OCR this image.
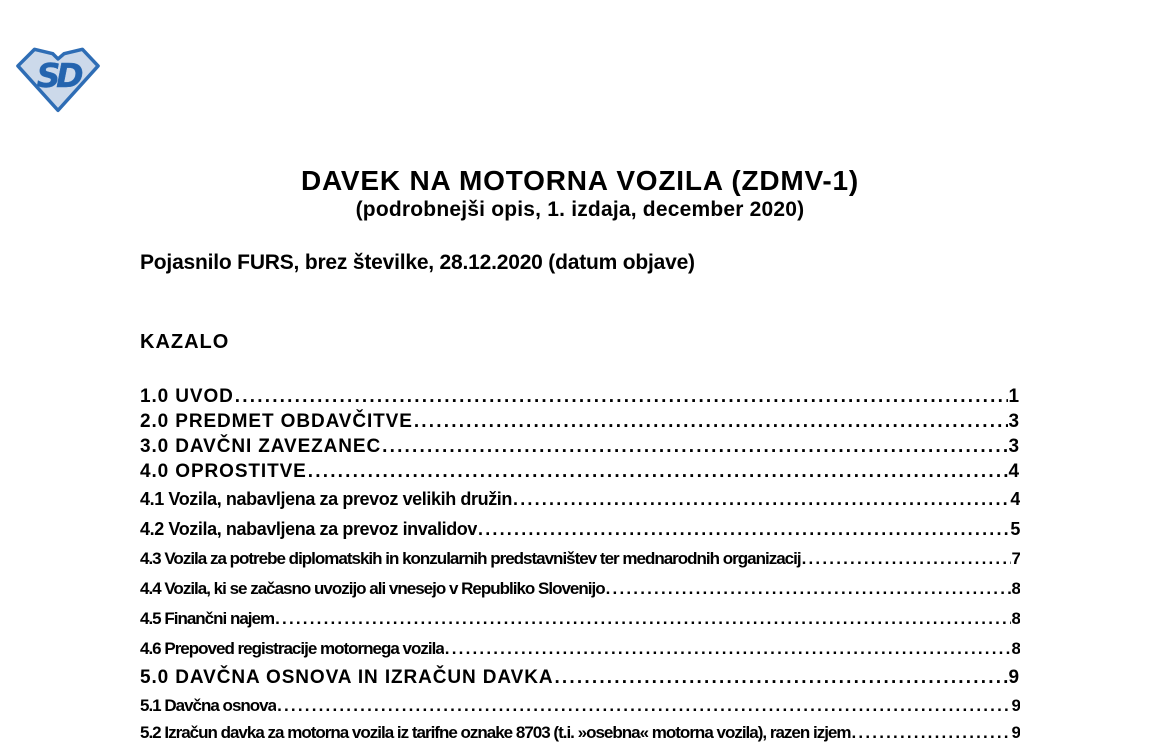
SD
DAVEK NA MOTORNA VOZILA (ZDMV-1)
(podrobnejši opis, 1. izdaja, december 2020)
Pojasnilo FURS, brez številke, 28.12.2020 (datum objave)
KAZALO
1.0 UVOD .....	1
2.0 PREDMET OBDAVČITVE .....	3
3.0 DAVČNI ZAVEZANEC .....	3
4.0 OPROSTITVE .....	4
4.1 Vozila, nabavljena za prevoz velikih družin .....	4
4.2 Vozila, nabavljena za prevoz invalidov .....	5
4.3 Vozila za potrebe diplomatskih in konzularnih predstavništev ter mednarodnih organizacij .....	7
4.4 Vozila, ki se začasno uvozijo ali vnesejo v Republiko Slovenijo .....	8
4.5 Finančni najem .....	8
4.6 Prepoved registracije motornega vozila .....	8
5.0 DAVČNA OSNOVA IN IZRAČUN DAVKA .....	9
5.1 Davčna osnova .....	9
5.2 Izračun davka za motorna vozila iz tarifne oznake 8703 (t.i. »osebna« motorna vozila), razen izjem .....	9
